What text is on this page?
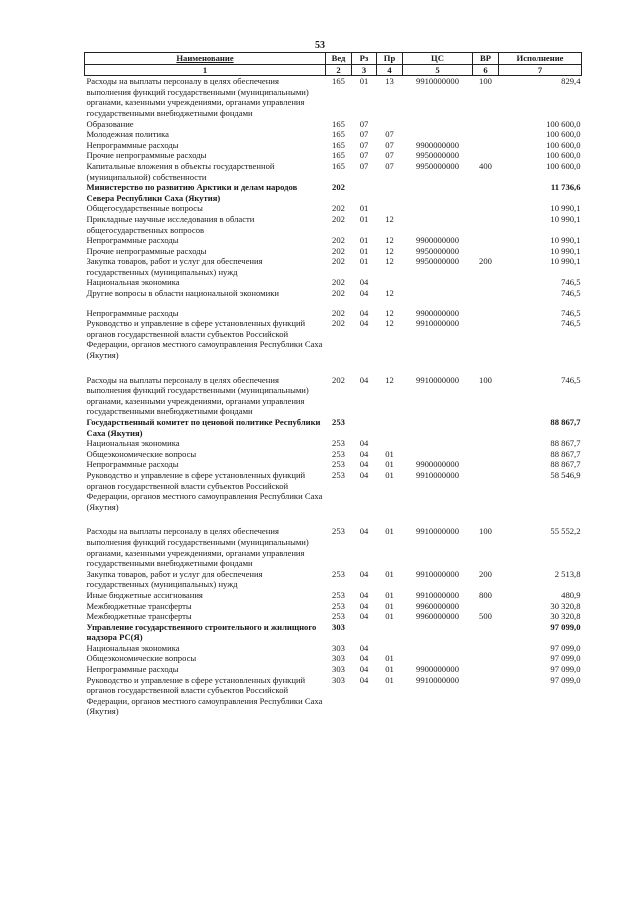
53
Наименование	Вед	Рз	Пр	ЦС	ВР	Исполнение
1	2	3	4	5	6	7
Расходы на выплаты персоналу в целях обеспечения выполнения функций государственными (муниципальными) органами, казенными учреждениями, органами управления государственными внебюджетными фондами	165	01	13	9910000000	100	829,4
Образование	165	07				100 600,0
Молодежная политика	165	07	07			100 600,0
Непрограммные расходы	165	07	07	9900000000		100 600,0
Прочие непрограммные расходы	165	07	07	9950000000		100 600,0
Капитальные вложения в объекты государственной (муниципальной) собственности	165	07	07	9950000000	400	100 600,0
Министерство по развитию Арктики и делам народов Севера Республики Саха (Якутия)	202					11 736,6
Общегосударственные вопросы	202	01				10 990,1
Прикладные научные исследования в области общегосударственных вопросов	202	01	12			10 990,1
Непрограммные расходы	202	01	12	9900000000		10 990,1
Прочие непрограммные расходы	202	01	12	9950000000		10 990,1
Закупка товаров, работ и услуг для обеспечения государственных (муниципальных) нужд	202	01	12	9950000000	200	10 990,1
Национальная экономика	202	04				746,5
Другие вопросы в области национальной экономики	202	04	12			746,5

Непрограммные расходы	202	04	12	9900000000		746,5
Руководство и управление в сфере установленных функций органов государственной власти субъектов Российской Федерации, органов местного самоуправления Республики Саха (Якутия)	202	04	12	9910000000		746,5

Расходы на выплаты персоналу в целях обеспечения выполнения функций государственными (муниципальными) органами, казенными учреждениями, органами управления государственными внебюджетными фондами	202	04	12	9910000000	100	746,5
Государственный комитет по ценовой политике Республики Саха (Якутия)	253					88 867,7
Национальная экономика	253	04				88 867,7
Общеэкономические вопросы	253	04	01			88 867,7
Непрограммные расходы	253	04	01	9900000000		88 867,7
Руководство и управление в сфере установленных функций органов государственной власти субъектов Российской Федерации, органов местного самоуправления Республики Саха (Якутия)	253	04	01	9910000000		58 546,9

Расходы на выплаты персоналу в целях обеспечения выполнения функций государственными (муниципальными) органами, казенными учреждениями, органами управления государственными внебюджетными фондами	253	04	01	9910000000	100	55 552,2
Закупка товаров, работ и услуг для обеспечения государственных (муниципальных) нужд	253	04	01	9910000000	200	2 513,8
Иные бюджетные ассигнования	253	04	01	9910000000	800	480,9
Межбюджетные трансферты	253	04	01	9960000000		30 320,8
Межбюджетные трансферты	253	04	01	9960000000	500	30 320,8
Управление государственного строительного и жилищного надзора РС(Я)	303					97 099,0
Национальная экономика	303	04				97 099,0
Общеэкономические вопросы	303	04	01			97 099,0
Непрограммные расходы	303	04	01	9900000000		97 099,0
Руководство и управление в сфере установленных функций органов государственной власти субъектов Российской Федерации, органов местного самоуправления Республики Саха (Якутия)	303	04	01	9910000000		97 099,0
